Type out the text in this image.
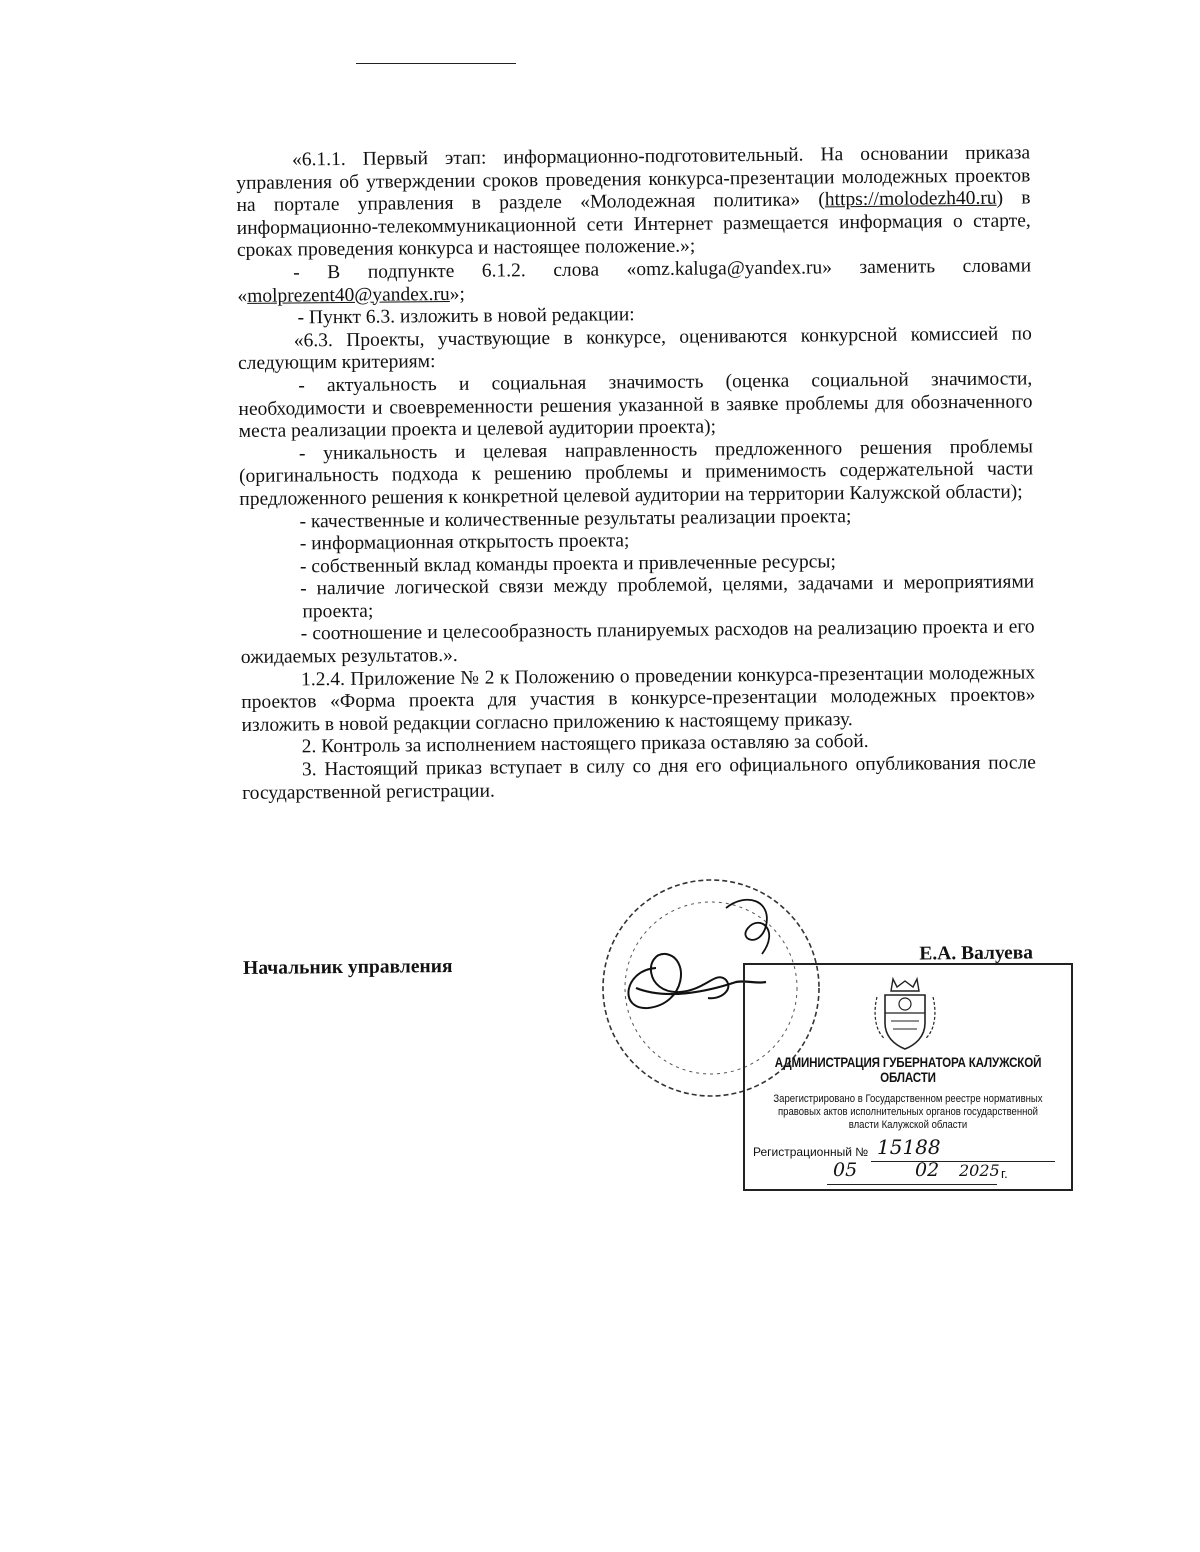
«6.1.1. Первый этап: информационно-подготовительный. На основании приказа управления об утверждении сроков проведения конкурса-презентации молодежных проектов на портале управления в разделе «Молодежная политика» (https://molodezh40.ru) в информационно-телекоммуникационной сети Интернет размещается информация о старте, сроках проведения конкурса и настоящее положение.»;

- В подпункте 6.1.2. слова «omz.kaluga@yandex.ru» заменить словами «molprezent40@yandex.ru»;

- Пункт 6.3. изложить в новой редакции:

«6.3. Проекты, участвующие в конкурсе, оцениваются конкурсной комиссией по следующим критериям:

- актуальность и социальная значимость (оценка социальной значимости, необходимости и своевременности решения указанной в заявке проблемы для обозначенного места реализации проекта и целевой аудитории проекта);

- уникальность и целевая направленность предложенного решения проблемы (оригинальность подхода к решению проблемы и применимость содержательной части предложенного решения к конкретной целевой аудитории на территории Калужской области);

- качественные и количественные результаты реализации проекта;

- информационная открытость проекта;

- собственный вклад команды проекта и привлеченные ресурсы;

- наличие логической связи между проблемой, целями, задачами и мероприятиями проекта;

- соотношение и целесообразность планируемых расходов на реализацию проекта и его ожидаемых результатов.».

1.2.4. Приложение № 2 к Положению о проведении конкурса-презентации молодежных проектов «Форма проекта для участия в конкурсе-презентации молодежных проектов» изложить в новой редакции согласно приложению к настоящему приказу.

2. Контроль за исполнением настоящего приказа оставляю за собой.

3. Настоящий приказ вступает в силу со дня его официального опубликования после государственной регистрации.

Начальник управления
Е.А. Валуева
АДМИНИСТРАЦИЯ ГУБЕРНАТОРА КАЛУЖСКОЙ ОБЛАСТИ
Зарегистрировано в Государственном реестре нормативных правовых актов исполнительных органов государственной власти Калужской области
Регистрационный № 15188
05	02 2025 г.
